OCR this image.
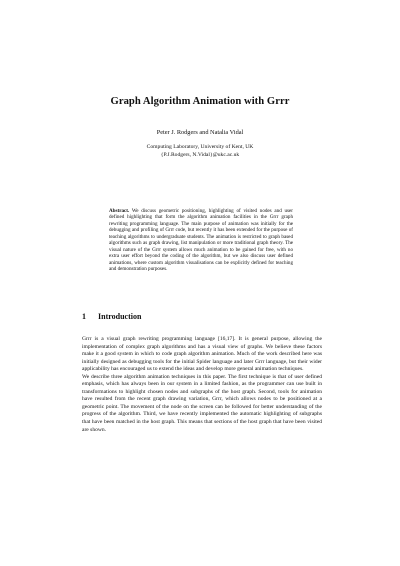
Graph Algorithm Animation with Grrr
Peter J. Rodgers and Natalia Vidal
Computing Laboratory, University of Kent, UK
{P.J.Rodgers, N.Vidal}@ukc.ac.uk
Abstract. We discuss geometric positioning, highlighting of visited nodes and user defined highlighting that form the algorithm animation facilities in the Grrr graph rewriting programming language. The main purpose of animation was initially for the debugging and profiling of Grrr code, but recently it has been extended for the purpose of teaching algorithms to undergraduate students. The animation is restricted to graph based algorithms such as graph drawing, list manipulation or more traditional graph theory. The visual nature of the Grrr system allows much animation to be gained for free, with no extra user effort beyond the coding of the algorithm, but we also discuss user defined animations, where custom algorithm visualisations can be explicitly defined for teaching and demonstration purposes.
1 Introduction

Grrr is a visual graph rewriting programming language [16,17]. It is general purpose, allowing the implementation of complex graph algorithms and has a visual view of graphs. We believe these factors make it a good system in which to code graph algorithm animation. Much of the work described here was initially designed as debugging tools for the initial Spider language and later Grrr language, but their wider applicability has encouraged us to extend the ideas and develop more general animation techniques.

We describe three algorithm animation techniques in this paper. The first technique is that of user defined emphasis, which has always been in our system in a limited fashion, as the programmer can use built in transformations to highlight chosen nodes and subgraphs of the host graph. Second, tools for animation have resulted from the recent graph drawing variation, Grrr, which allows nodes to be positioned at a geometric point. The movement of the node on the screen can be followed for better understanding of the progress of the algorithm. Third, we have recently implemented the automatic highlighting of subgraphs that have been matched in the host graph. This means that sections of the host graph that have been visited are shown.
